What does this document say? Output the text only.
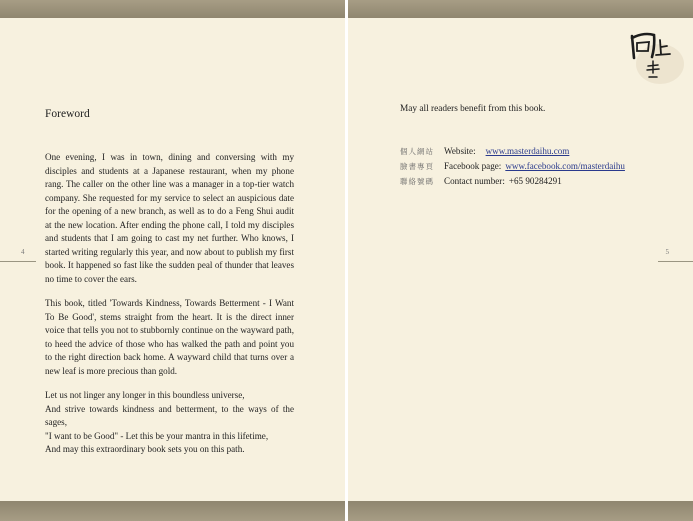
Foreword

One evening, I was in town, dining and conversing with my disciples and students at a Japanese restaurant, when my phone rang. The caller on the other line was a manager in a top-tier watch company. She requested for my service to select an auspicious date for the opening of a new branch, as well as to do a Feng Shui audit at the new location. After ending the phone call, I told my disciples and students that I am going to cast my net further. Who knows, I started writing regularly this year, and now about to publish my first book. It happened so fast like the sudden peal of thunder that leaves no time to cover the ears.

This book, titled 'Towards Kindness, Towards Betterment - I Want To Be Good', stems straight from the heart. It is the direct inner voice that tells you not to stubbornly continue on the wayward path, to heed the advice of those who has walked the path and point you to the right direction back home. A wayward child that turns over a new leaf is more precious than gold.

Let us not linger any longer in this boundless universe,
And strive towards kindness and betterment, to the ways of the sages,
"I want to be Good" - Let this be your mantra in this lifetime,
And may this extraordinary book sets you on this path.
4
May all readers benefit from this book.
個人網站	Website: www.masterdaihu.com
臉書專頁	Facebook page: www.facebook.com/masterdaihu
聯絡號碼	Contact number: +65 90284291
5
